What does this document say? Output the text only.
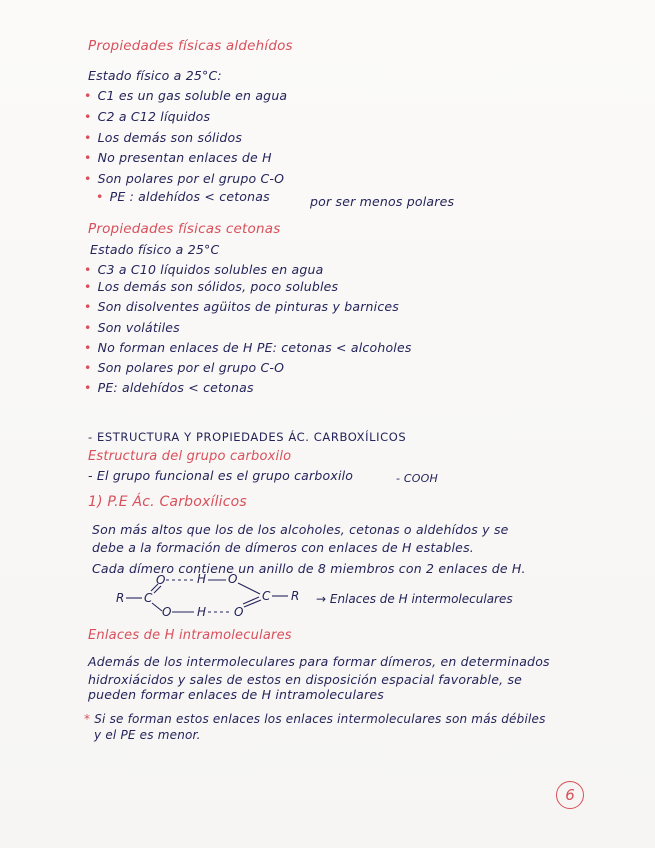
Propiedades físicas aldehídos
Estado físico a 25°C:
• C1 es un gas soluble en agua
• C2 a C12 líquidos
• Los demás son sólidos
• No presentan enlaces de H
• Son polares por el grupo C-O
• PE : aldehídos < cetonas	por ser menos polares
Propiedades físicas cetonas
Estado físico a 25°C
• C3 a C10 líquidos solubles en agua
• Los demás son sólidos, poco solubles
• Son disolventes agüitos de pinturas y barnices
• Son volátiles
• No forman enlaces de H PE: cetonas < alcoholes
• Son polares por el grupo C-O
• PE: aldehídos < cetonas
- ESTRUCTURA Y PROPIEDADES ÁC. CARBOXÍLICOS
Estructura del grupo carboxilo
- El grupo funcional es el grupo carboxilo	- COOH
1) P.E Ác. Carboxílicos
Son más altos que los de los alcoholes, cetonas o aldehídos y se
debe a la formación de dímeros con enlaces de H estables.
Cada dímero contiene un anillo de 8 miembros con 2 enlaces de H.
R C
O	H O
O H O
C R → Enlaces de H intermoleculares
Enlaces de H intramoleculares
Además de los intermoleculares para formar dímeros, en determinados
hidroxiácidos y sales de estos en disposición espacial favorable, se
pueden formar enlaces de H intramoleculares
* Si se forman estos enlaces los enlaces intermoleculares son más débiles
y el PE es menor.
6
